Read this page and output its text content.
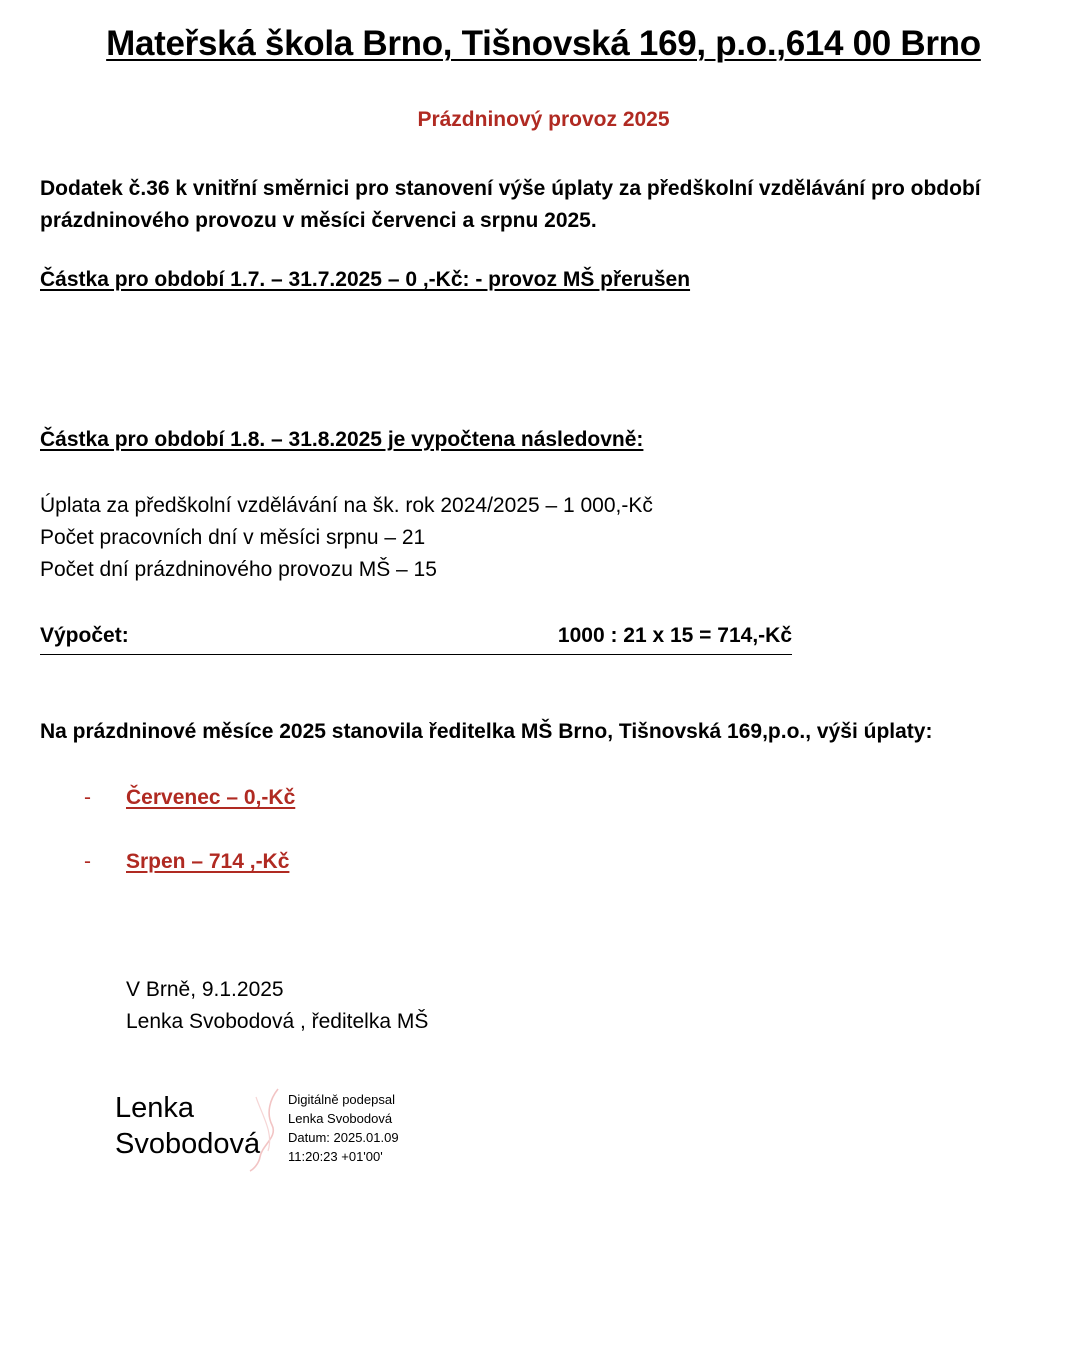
Mateřská škola Brno, Tišnovská 169, p.o.,614 00 Brno
Prázdninový provoz 2025
Dodatek č.36 k vnitřní směrnici pro stanovení výše úplaty za předškolní vzdělávání pro období prázdninového provozu v měsíci červenci a srpnu 2025.
Částka pro období 1.7. – 31.7.2025 – 0 ,-Kč: - provoz MŠ přerušen
Částka pro období 1.8. – 31.8.2025 je vypočtena následovně:
Úplata za předškolní vzdělávání na šk. rok 2024/2025 – 1 000,-Kč
Počet pracovních dní v měsíci srpnu – 21
Počet dní prázdninového provozu MŠ – 15
Výpočet:	1000 : 21 x 15 = 714,-Kč
Na prázdninové měsíce 2025 stanovila ředitelka MŠ Brno, Tišnovská 169,p.o., výši úplaty:
- Červenec – 0,-Kč
- Srpen – 714 ,-Kč
V Brně, 9.1.2025
Lenka Svobodová , ředitelka MŠ
Lenka
Svobodová
Digitálně podepsal
Lenka Svobodová
Datum: 2025.01.09
11:20:23 +01'00'
